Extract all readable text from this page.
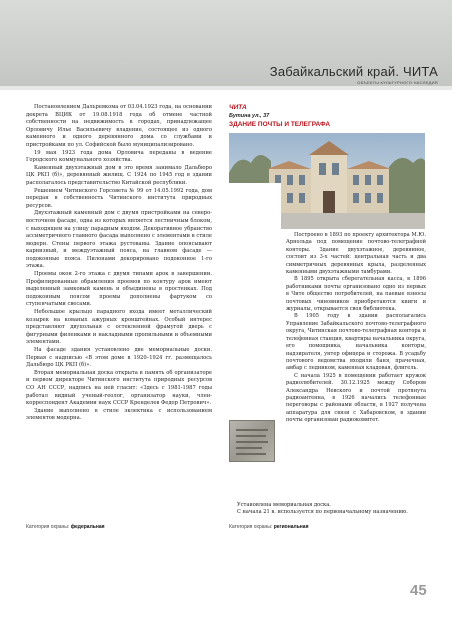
Забайкальский край. ЧИТА
ОБЪЕКТЫ КУЛЬТУРНОГО НАСЛЕДИЯ

Постановлением Дальревкома от 03.04.1923 года, на основании декрета ВЦИК от 19.08.1918 года об отмене частной собственности на недвижимость в городах, принадлежащее Орловичу Илье Васильевичу владение, состоящее из одного каменного и одного деревянного дома со службами и пристройками по ул. Софийской было муниципализировано.

19 мая 1923 года дома Орловича переданы в ведение Городского коммунального хозяйства.

Каменный двухэтажный дом в это время занимало Дальбюро ЦК РКП (б)», деревянный жилищ. С 1924 по 1945 год в здании располагалось представительство Китайской республики.

Решением Читинского Горсовета № 99 от 14.05.1992 года, дом передан в собственность Читинского института природных ресурсов.

Двухэтажный каменный дом с двумя пристройками на северо-восточном фасаде, одна из которых является лестничным блоком, с выходящем на улицу парадным входом. Декоративное убранство ассиметричного главного фасада выполнено с элементами в стиле модерн. Стены первого этажа рустованы. Здание опоясывают карнизный, и междуэтажный пояса, на главном фасаде — подоконные пояса. Пилонами декорировано подоконное 1-го этажа.

Проемы окон 2-го этажа с двумя типами арок в завершении. Профилированные обрамления проемов по контуру арок имеют выделенный замковый камень и объединены в простенках. Под подоконным поясом проемы дополнены фартуком со ступенчатыми свесами.

Небольшое крыльцо парадного входа имеет металлический козырек на кованых ажурных кронштейнах. Особый интерес представляют двупольная с остекленной фрамугой дверь с фигурными филенками и накладными пропильными и объемными элементами.

На фасаде здания установлено две мемориальные доски. Первая с надписью «В этом доме в 1920–1924 гг. размещалось Дальбюро ЦК РКП (б)».

Вторая мемориальная доска открыта в память об организаторе и первом директоре Читинского института природных ресурсов СО АН СССР, надпись на ней гласит: «Здесь с 1981-1987 годы работал видный ученый-геолог, организатор науки, член- корреспондент Академии наук СССР Кренделев Федор Петрович».

Здание выполнено в стиле эклектика с использованием элементов модерна.

Категория охраны: федеральная
ЧИТА
Бутина ул., 37
ЗДАНИЕ ПОЧТЫ И ТЕЛЕГРАФА

Построено в 1893 по проекту архитектора М.Ю. Арнольда под помещение почтово-телеграфной конторы. Здание двухэтажное, деревянное, состоит из 3-х частей: центральная часть и два симметричных деревянных крыла, разделенных каменными двухэтажными тамбурами.

В 1895 открыта сберегательная касса, в 1896 работниками почты организовано одно из первых в Чите общество потребителей, на паевые взносы почтовых чиновников приобретаются книги и журналы, открывается своя библиотека.

В 1905 году в здании располагались Управление Забайкальского почтово-телеграфного округа, Читинская почтово-телеграфная контора и телефонная станция, квартиры начальника округа, его помощника, начальника конторы, надзирателя, унтер офицера и сторожа. В усадьбу почтового ведомства входили баня, прачечная, амбар с ледником, каменная кладовая, флигель.

С начала 1925 в помещении работает кружок радиолюбителей. 30.12.1925 между Собором Александра Невского и почтой протянута радиоантенна, в 1926 начались телефонные переговоры с районами области, в 1927 получена аппаратура для связи с Хабаровском, в здании почты организован радиокомитет.

Установлена мемориальная доска.

С начала 21 в. используется по первоначальному назначению.

Категория охраны: региональная
45
